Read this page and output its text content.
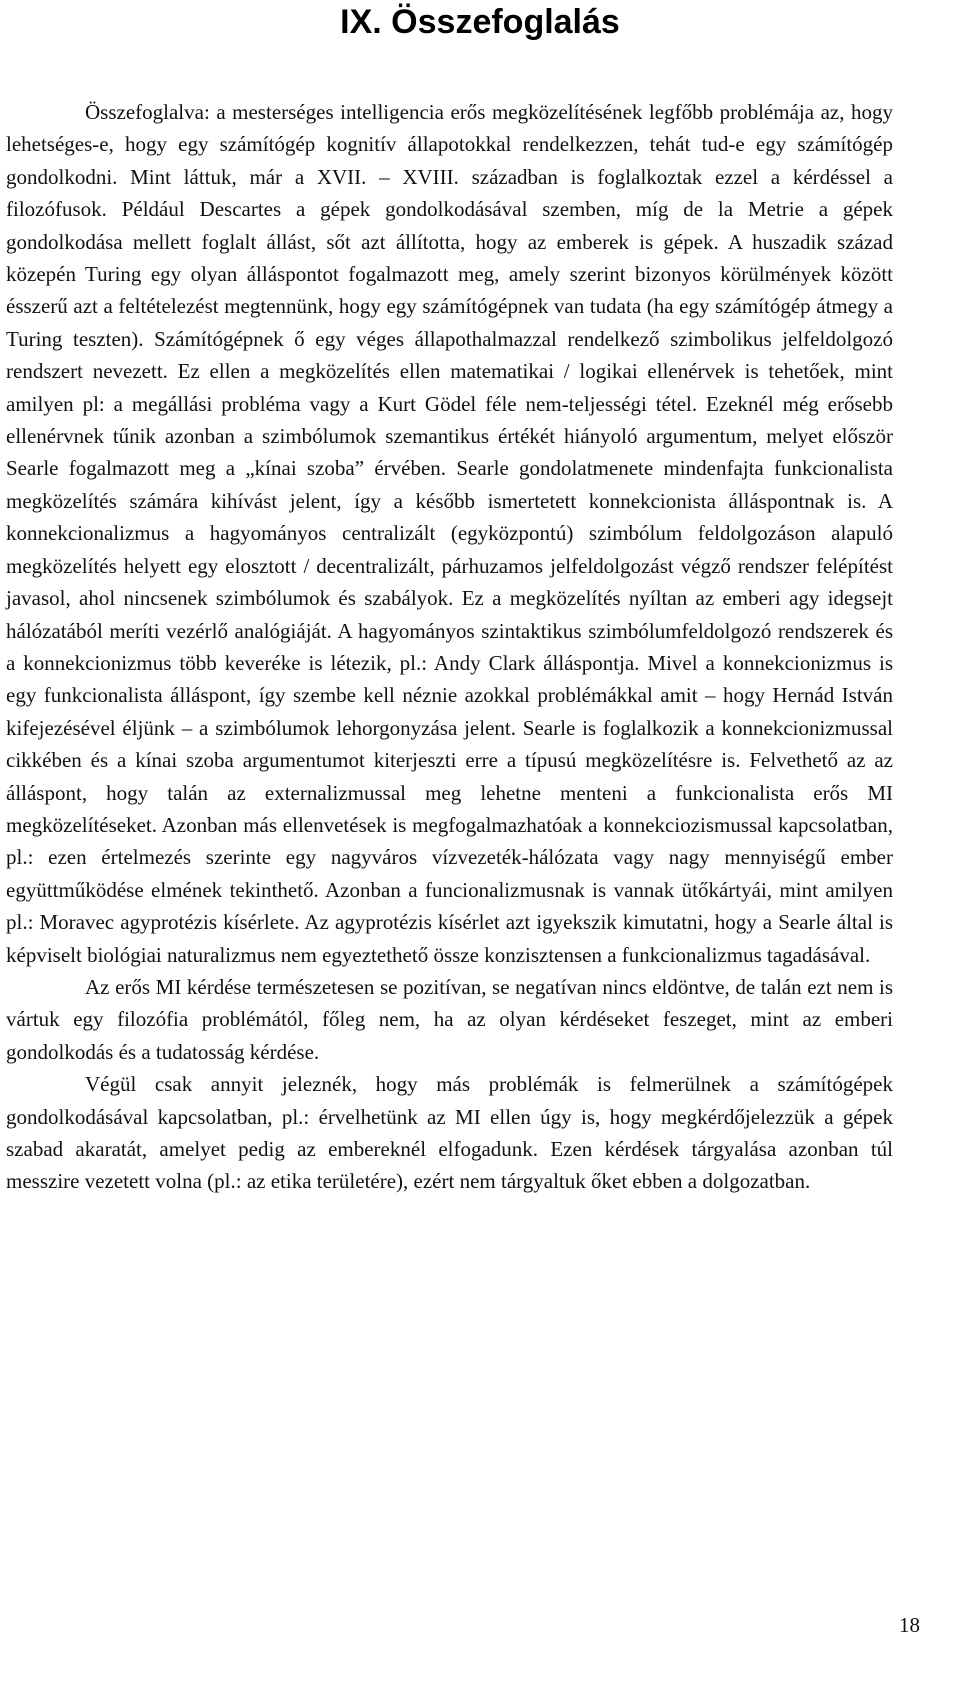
IX. Összefoglalás

Összefoglalva: a mesterséges intelligencia erős megközelítésének legfőbb problémája az, hogy lehetséges-e, hogy egy számítógép kognitív állapotokkal rendelkezzen, tehát tud-e egy számítógép gondolkodni. Mint láttuk, már a XVII. – XVIII. században is foglalkoztak ezzel a kérdéssel a filozófusok. Például Descartes a gépek gondolkodásával szemben, míg de la Metrie a gépek gondolkodása mellett foglalt állást, sőt azt állította, hogy az emberek is gépek. A huszadik század közepén Turing egy olyan álláspontot fogalmazott meg, amely szerint bizonyos körülmények között ésszerű azt a feltételezést megtennünk, hogy egy számítógépnek van tudata (ha egy számítógép átmegy a Turing teszten). Számítógépnek ő egy véges állapothalmazzal rendelkező szimbolikus jelfeldolgozó rendszert nevezett. Ez ellen a megközelítés ellen matematikai / logikai ellenérvek is tehetőek, mint amilyen pl: a megállási probléma vagy a Kurt Gödel féle nem-teljességi tétel. Ezeknél még erősebb ellenérvnek tűnik azonban a szimbólumok szemantikus értékét hiányoló argumentum, melyet először Searle fogalmazott meg a „kínai szoba” érvében. Searle gondolatmenete mindenfajta funkcionalista megközelítés számára kihívást jelent, így a később ismertetett konnekcionista álláspontnak is. A konnekcionalizmus a hagyományos centralizált (egyközpontú) szimbólum feldolgozáson alapuló megközelítés helyett egy elosztott / decentralizált, párhuzamos jelfeldolgozást végző rendszer felépítést javasol, ahol nincsenek szimbólumok és szabályok. Ez a megközelítés nyíltan az emberi agy idegsejt hálózatából meríti vezérlő analógiáját. A hagyományos szintaktikus szimbólumfeldolgozó rendszerek és a konnekcionizmus több keveréke is létezik, pl.: Andy Clark álláspontja. Mivel a konnekcionizmus is egy funkcionalista álláspont, így szembe kell néznie azokkal problémákkal amit – hogy Hernád István kifejezésével éljünk – a szimbólumok lehorgonyzása jelent. Searle is foglalkozik a konnekcionizmussal cikkében és a kínai szoba argumentumot kiterjeszti erre a típusú megközelítésre is. Felvethető az az álláspont, hogy talán az externalizmussal meg lehetne menteni a funkcionalista erős MI megközelítéseket. Azonban más ellenvetések is megfogalmazhatóak a konnekciozismussal kapcsolatban, pl.: ezen értelmezés szerinte egy nagyváros vízvezeték-hálózata vagy nagy mennyiségű ember együttműködése elmének tekinthető. Azonban a funcionalizmusnak is vannak ütőkártyái, mint amilyen pl.: Moravec agyprotézis kísérlete. Az agyprotézis kísérlet azt igyekszik kimutatni, hogy a Searle által is képviselt biológiai naturalizmus nem egyeztethető össze konzisztensen a funkcionalizmus tagadásával.

Az erős MI kérdése természetesen se pozitívan, se negatívan nincs eldöntve, de talán ezt nem is vártuk egy filozófia problémától, főleg nem, ha az olyan kérdéseket feszeget, mint az emberi gondolkodás és a tudatosság kérdése.

Végül csak annyit jeleznék, hogy más problémák is felmerülnek a számítógépek gondolkodásával kapcsolatban, pl.: érvelhetünk az MI ellen úgy is, hogy megkérdőjelezzük a gépek szabad akaratát, amelyet pedig az embereknél elfogadunk. Ezen kérdések tárgyalása azonban túl messzire vezetett volna (pl.: az etika területére), ezért nem tárgyaltuk őket ebben a dolgozatban.

18
